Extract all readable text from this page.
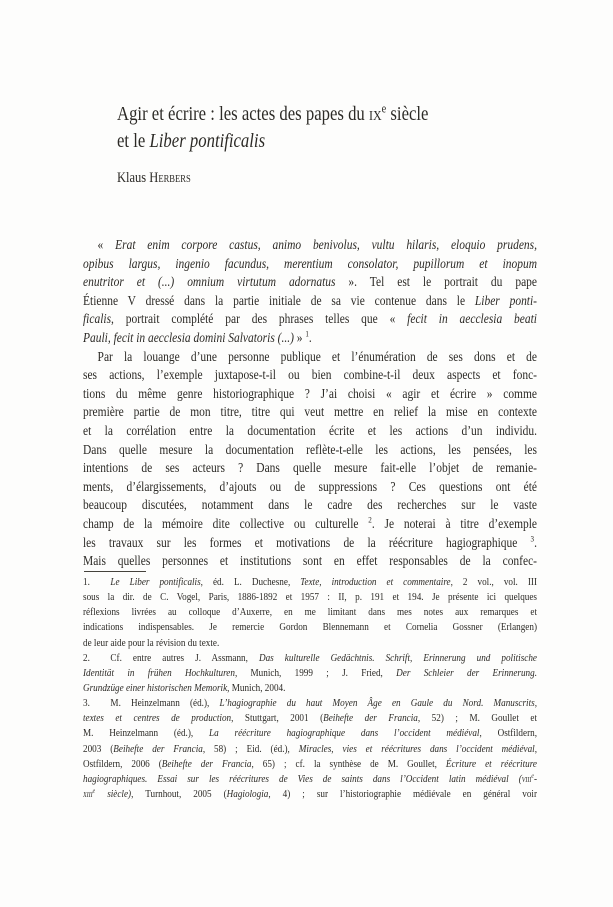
Agir et écrire : les actes des papes du $ix^e$ siècle
et le Liber pontificalis
Klaus Herbers
« Erat enim corpore castus, animo benivolus, vultu hilaris, eloquio prudens,
opibus largus, ingenio facundus, merentium consolator, pupillorum et inopum
enutritor et (...) omnium virtutum adornatus ». Tel est le portrait du pape
Étienne V dressé dans la partie initiale de sa vie contenue dans le Liber ponti-
ficalis, portrait complété par des phrases telles que « fecit in aecclesia beati
Pauli, fecit in aecclesia domini Salvatoris (...) » $^1$.
Par la louange d’une personne publique et l’énumération de ses dons et de
ses actions, l’exemple juxtapose-t-il ou bien combine-t-il deux aspects et fonc-
tions du même genre historiographique ? J’ai choisi « agir et écrire » comme
première partie de mon titre, titre qui veut mettre en relief la mise en contexte
et la corrélation entre la documentation écrite et les actions d’un individu.
Dans quelle mesure la documentation reflète-t-elle les actions, les pensées, les
intentions de ses acteurs ? Dans quelle mesure fait-elle l’objet de remanie-
ments, d’élargissements, d’ajouts ou de suppressions ? Ces questions ont été
beaucoup discutées, notamment dans le cadre des recherches sur le vaste
champ de la mémoire dite collective ou culturelle $^2$. Je noterai à titre d’exemple
les travaux sur les formes et motivations de la réécriture hagiographique $^3$.
Mais quelles personnes et institutions sont en effet responsables de la confec-
1. Le Liber pontificalis, éd. L. Duchesne, Texte, introduction et commentaire, 2 vol., vol. III
sous la dir. de C. Vogel, Paris, 1886-1892 et 1957 : II, p. 191 et 194. Je présente ici quelques
réflexions livrées au colloque d’Auxerre, en me limitant dans mes notes aux remarques et
indications indispensables. Je remercie Gordon Blennemann et Cornelia Gossner (Erlangen)
de leur aide pour la révision du texte.
2. Cf. entre autres J. Assmann, Das kulturelle Gedächtnis. Schrift, Erinnerung und politische
Identität in frühen Hochkulturen, Munich, 1999 ; J. Fried, Der Schleier der Erinnerung.
Grundzüge einer historischen Memorik, Munich, 2004.
3. M. Heinzelmann (éd.), L’hagiographie du haut Moyen Âge en Gaule du Nord. Manuscrits,
textes et centres de production, Stuttgart, 2001 (Beihefte der Francia, 52) ; M. Goullet et
M. Heinzelmann (éd.), La réécriture hagiographique dans l’occident médiéval, Ostfildern,
2003 (Beihefte der Francia, 58) ; Eid. (éd.), Miracles, vies et réécritures dans l’occident médiéval,
Ostfildern, 2006 (Beihefte der Francia, 65) ; cf. la synthèse de M. Goullet, Écriture et réécriture
hagiographiques. Essai sur les réécritures de Vies de saints dans l’Occident latin médiéval (viii$^e$-
xiii$^e$ siècle), Turnhout, 2005 (Hagiologia, 4) ; sur l’historiographie médiévale en général voir
